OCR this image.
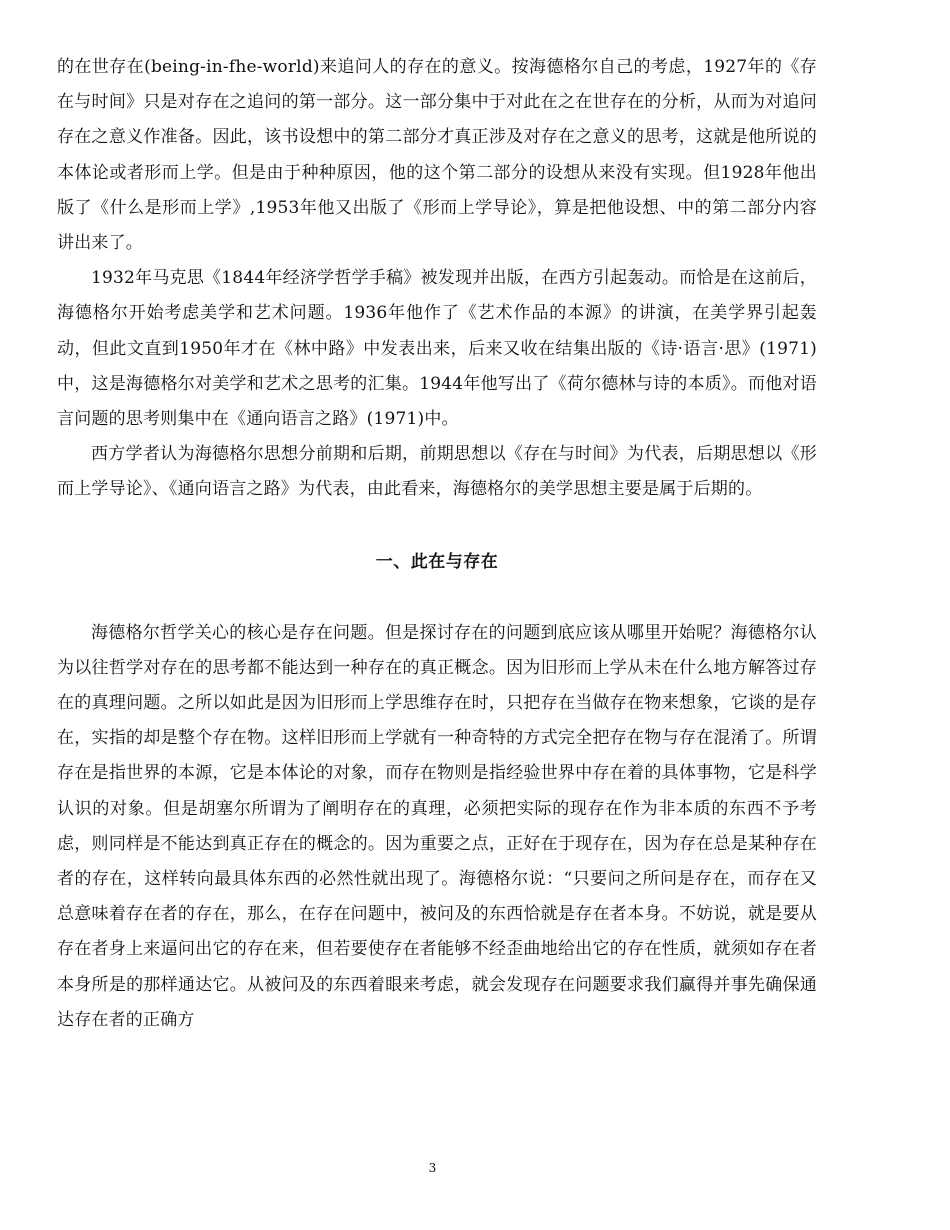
的在世存在(being-in-fhe-world)来追问人的存在的意义。按海德格尔自己的考虑，1927年的《存在与时间》只是对存在之追问的第一部分。这一部分集中于对此在之在世存在的分析，从而为对追问存在之意义作准备。因此，该书设想中的第二部分才真正涉及对存在之意义的思考，这就是他所说的本体论或者形而上学。但是由于种种原因，他的这个第二部分的设想从来没有实现。但1928年他出版了《什么是形而上学》,1953年他又出版了《形而上学导论》，算是把他设想、中的第二部分内容讲出来了。

1932年马克思《1844年经济学哲学手稿》被发现并出版，在西方引起轰动。而恰是在这前后，海德格尔开始考虑美学和艺术问题。1936年他作了《艺术作品的本源》的讲演，在美学界引起轰动，但此文直到1950年才在《林中路》中发表出来，后来又收在结集出版的《诗·语言·思》(1971)中，这是海德格尔对美学和艺术之思考的汇集。1944年他写出了《荷尔德林与诗的本质》。而他对语言问题的思考则集中在《通向语言之路》(1971)中。

西方学者认为海德格尔思想分前期和后期，前期思想以《存在与时间》为代表，后期思想以《形而上学导论》、《通向语言之路》为代表，由此看来，海德格尔的美学思想主要是属于后期的。

一、此在与存在

海德格尔哲学关心的核心是存在问题。但是探讨存在的问题到底应该从哪里开始呢？海德格尔认为以往哲学对存在的思考都不能达到一种存在的真正概念。因为旧形而上学从未在什么地方解答过存在的真理问题。之所以如此是因为旧形而上学思维存在时，只把存在当做存在物来想象，它谈的是存在，实指的却是整个存在物。这样旧形而上学就有一种奇特的方式完全把存在物与存在混淆了。所谓存在是指世界的本源，它是本体论的对象，而存在物则是指经验世界中存在着的具体事物，它是科学认识的对象。但是胡塞尔所谓为了阐明存在的真理，必须把实际的现存在作为非本质的东西不予考虑，则同样是不能达到真正存在的概念的。因为重要之点，正好在于现存在，因为存在总是某种存在者的存在，这样转向最具体东西的必然性就出现了。海德格尔说：“只要问之所问是存在，而存在又总意味着存在者的存在，那么，在存在问题中，被问及的东西恰就是存在者本身。不妨说，就是要从存在者身上来逼问出它的存在来，但若要使存在者能够不经歪曲地给出它的存在性质，就须如存在者本身所是的那样通达它。从被问及的东西着眼来考虑，就会发现存在问题要求我们赢得并事先确保通达存在者的正确方

3
